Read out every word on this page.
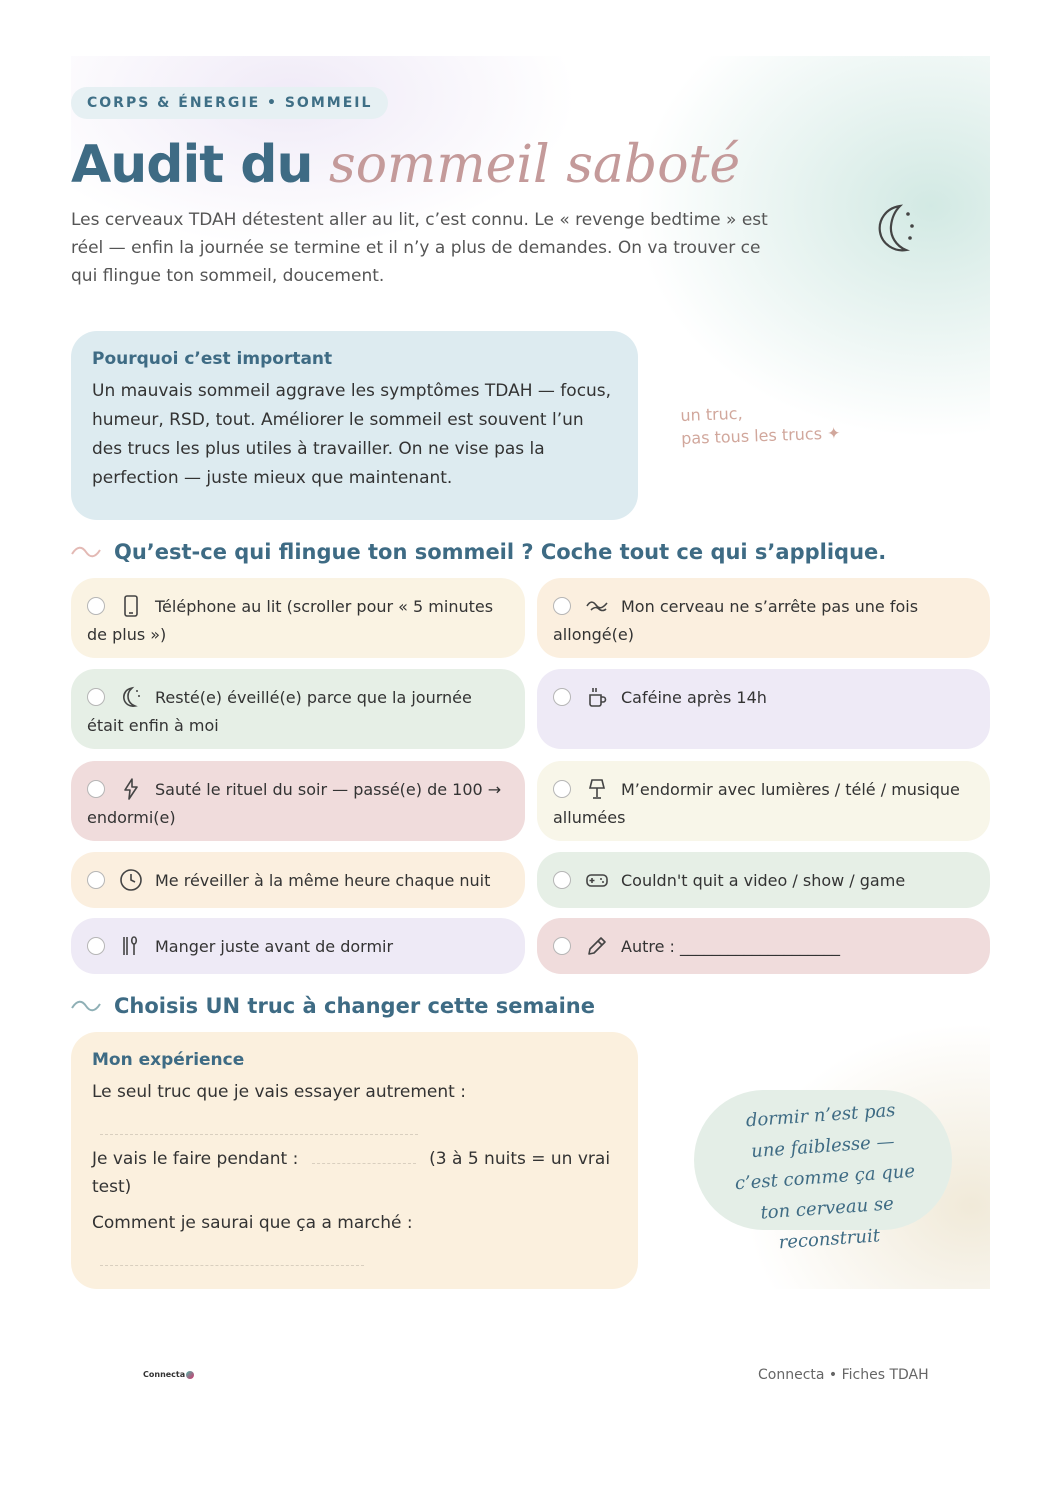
CORPS & ÉNERGIE • SOMMEIL
Audit du sommeil saboté
Les cerveaux TDAH détestent aller au lit, c’est connu. Le « revenge bedtime » est réel — enfin la journée se termine et il n’y a plus de demandes. On va trouver ce qui flingue ton sommeil, doucement.
Pourquoi c’est important

Un mauvais sommeil aggrave les symptômes TDAH — focus, humeur, RSD, tout. Améliorer le sommeil est souvent l’un des trucs les plus utiles à travailler. On ne vise pas la perfection — juste mieux que maintenant.

un truc,
pas tous les trucs ✦
Qu’est-ce qui flingue ton sommeil ? Coche tout ce qui s’applique.
Téléphone au lit (scroller pour « 5 minutes de plus »)
Mon cerveau ne s’arrête pas une fois allongé(e)
Resté(e) éveillé(e) parce que la journée était enfin à moi
Caféine après 14h
Sauté le rituel du soir — passé(e) de 100 → endormi(e)
M’endormir avec lumières / télé / musique allumées
Me réveiller à la même heure chaque nuit	Couldn't quit a video / show / game
Manger juste avant de dormir	Autre : ____________________
Choisis UN truc à changer cette semaine
Mon expérience
Le seul truc que je vais essayer autrement :
Je vais le faire pendant :	(3 à 5 nuits = un vrai test)
Comment je saurai que ça a marché :
dormir n’est pas
une faiblesse —
c’est comme ça que
ton cerveau se reconstruit
Connecta	Connecta • Fiches TDAH
